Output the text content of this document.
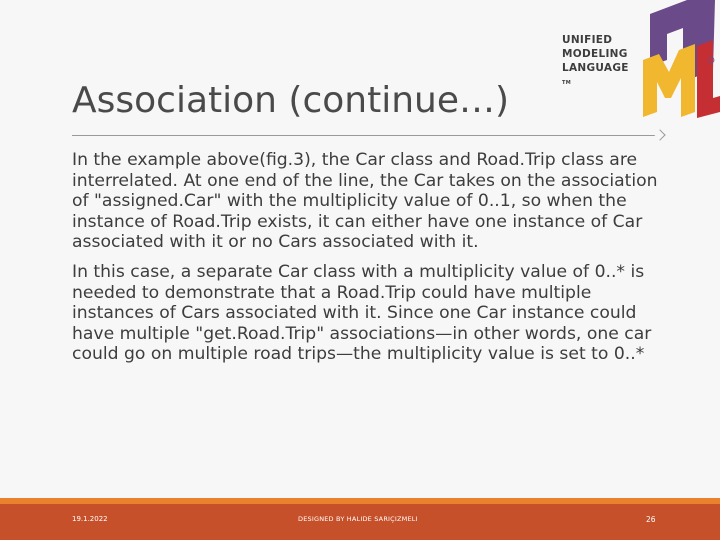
UNIFIED
MODELING
LANGUAGE TM
Association (continue…)

In the example above(fig.3), the Car class and Road.Trip class are interrelated. At one end of the line, the Car takes on the association of "assigned.Car" with the multiplicity value of 0..1, so when the instance of Road.Trip exists, it can either have one instance of Car associated with it or no Cars associated with it.

In this case, a separate Car class with a multiplicity value of 0..* is needed to demonstrate that a Road.Trip could have multiple instances of Cars associated with it. Since one Car instance could have multiple "get.Road.Trip" associations—in other words, one car could go on multiple road trips—the multiplicity value is set to 0..*

19.1.2022	DESIGNED BY HALIDE SARIÇIZMELI	26
